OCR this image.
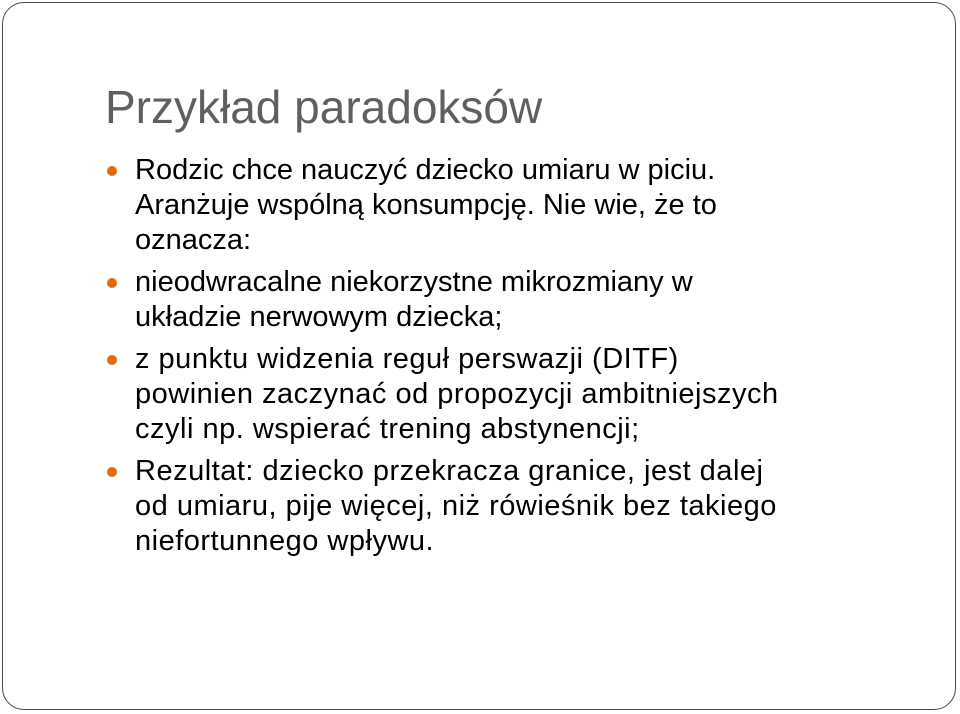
Przykład paradoksów
Rodzic chce nauczyć dziecko umiaru w piciu.
Aranżuje wspólną konsumpcję. Nie wie, że to
oznacza:
nieodwracalne niekorzystne mikrozmiany w
układzie nerwowym dziecka;
z punktu widzenia reguł perswazji (DITF)
powinien zaczynać od propozycji ambitniejszych
czyli np. wspierać trening abstynencji;
Rezultat: dziecko przekracza granice, jest dalej
od umiaru, pije więcej, niż rówieśnik bez takiego
niefortunnego wpływu.
